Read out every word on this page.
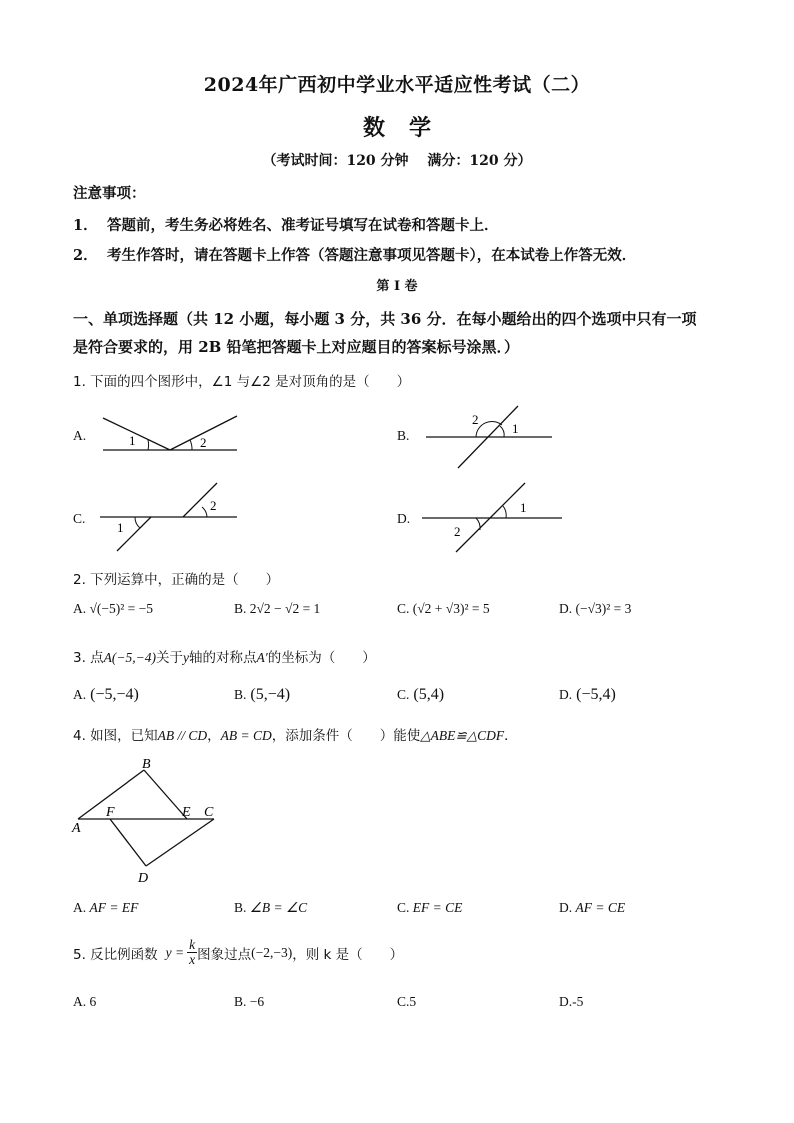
2024年广西初中学业水平适应性考试（二）
数 学
（考试时间：120 分钟　 满分：120 分）
注意事项：
1． 答题前，考生务必将姓名、准考证号填写在试卷和答题卡上．
2． 考生作答时，请在答题卡上作答（答题注意事项见答题卡），在本试卷上作答无效．
第 I 卷
一、单项选择题（共 12 小题，每小题 3 分，共 36 分．在每小题给出的四个选项中只有一项
是符合要求的，用 2B 铅笔把答题卡上对应题目的答案标号涂黑．）
1. 下面的四个图形中，∠1 与∠2 是对顶角的是（　　）
A.	1	2	B.
2
1
C.
1
2
D.
1
2
2. 下列运算中，正确的是（　　）
A. √(−5)² = −5	B. 2√2 − √2 = 1	C. (√2 + √3)² = 5	D. (−√3)² = 3
3. 点A(−5,−4)关于y轴的对称点A′的坐标为（　　）
A. (−5,−4)	B. (5,−4)	C. (5,4)	D. (−5,4)
4. 如图，已知AB // CD，AB = CD，添加条件（　　）能使△ABE≌△CDF．
B
A
F	E C
D
A. AF = EF	B. ∠B = ∠C	C. EF = CE	D. AF = CE
5. 反比例函数 $y = \frac{k}{x}$ 图象过点 (−2,−3) ，则 k 是（　　）
A. 6	B. −6	C.5	D.-5
